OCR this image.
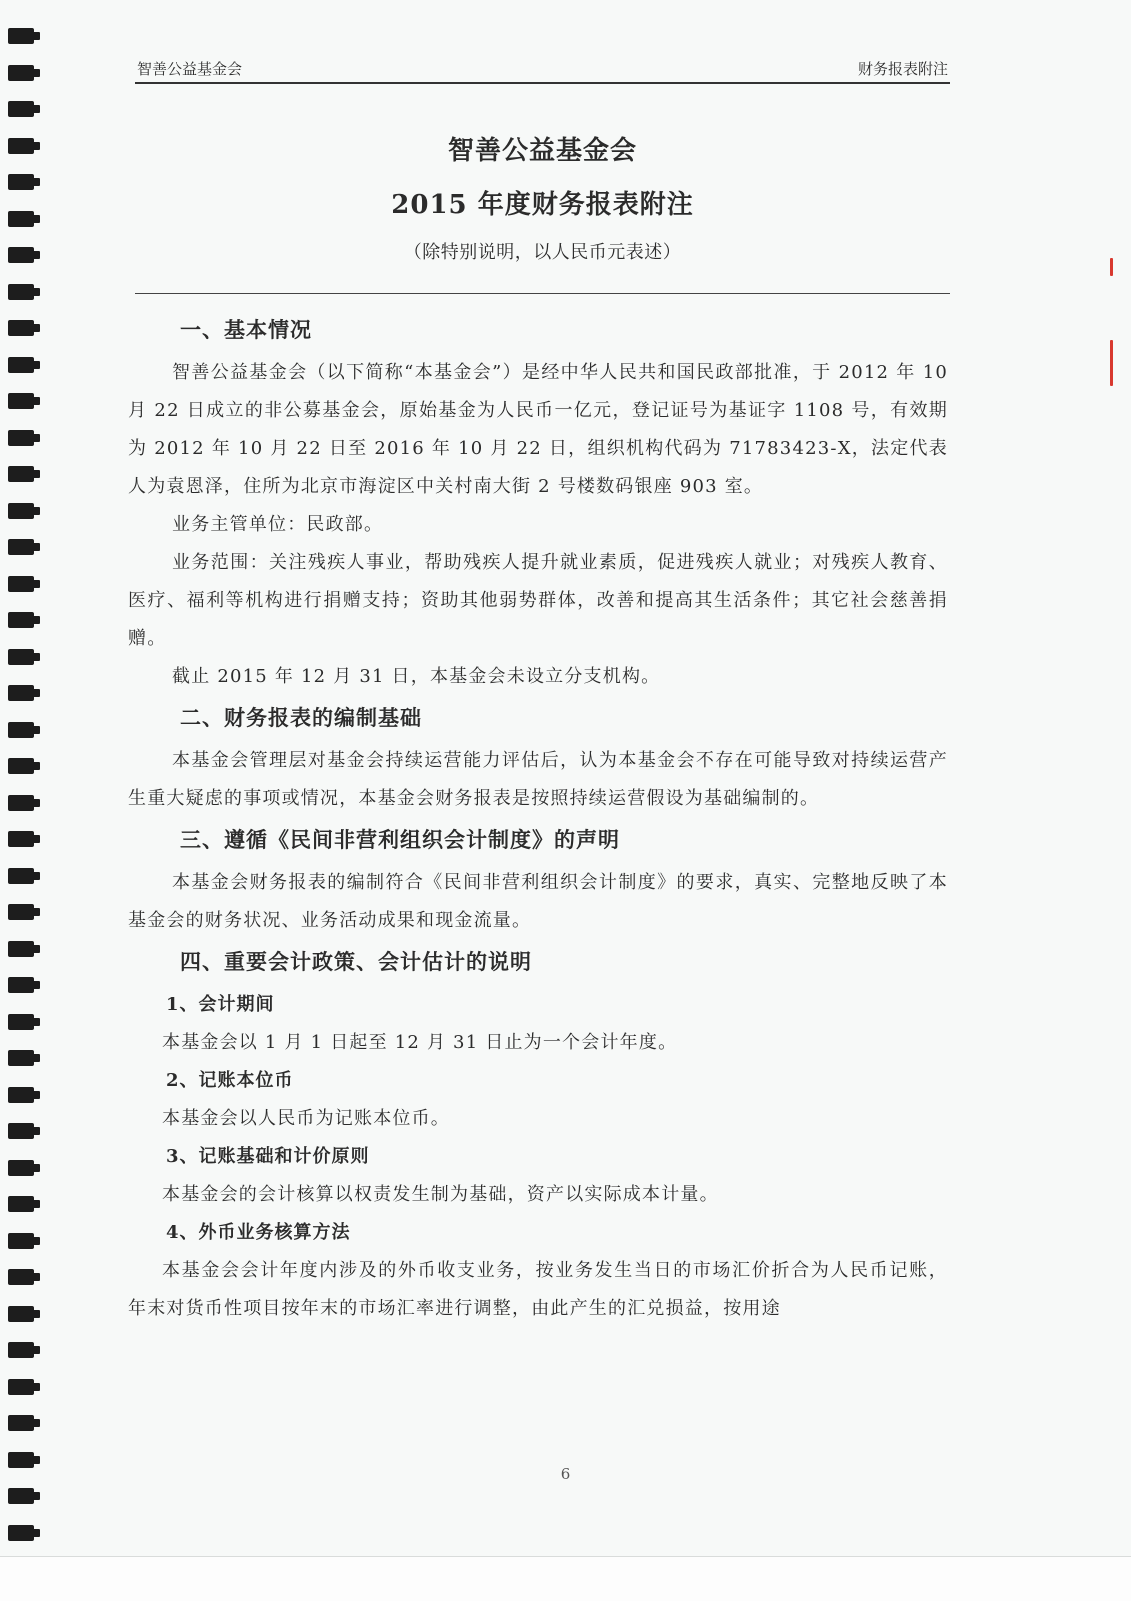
智善公益基金会	财务报表附注
智善公益基金会
2015 年度财务报表附注
（除特别说明，以人民币元表述）
一、基本情况

智善公益基金会（以下简称“本基金会”）是经中华人民共和国民政部批准，于 2012 年 10 月 22 日成立的非公募基金会，原始基金为人民币一亿元，登记证号为基证字 1108 号，有效期为 2012 年 10 月 22 日至 2016 年 10 月 22 日，组织机构代码为 71783423-X，法定代表人为袁恩泽，住所为北京市海淀区中关村南大街 2 号楼数码银座 903 室。

业务主管单位：民政部。

业务范围：关注残疾人事业，帮助残疾人提升就业素质，促进残疾人就业；对残疾人教育、医疗、福利等机构进行捐赠支持；资助其他弱势群体，改善和提高其生活条件；其它社会慈善捐赠。

截止 2015 年 12 月 31 日，本基金会未设立分支机构。

二、财务报表的编制基础

本基金会管理层对基金会持续运营能力评估后，认为本基金会不存在可能导致对持续运营产生重大疑虑的事项或情况，本基金会财务报表是按照持续运营假设为基础编制的。

三、遵循《民间非营利组织会计制度》的声明

本基金会财务报表的编制符合《民间非营利组织会计制度》的要求，真实、完整地反映了本基金会的财务状况、业务活动成果和现金流量。

四、重要会计政策、会计估计的说明
1、会计期间

本基金会以 1 月 1 日起至 12 月 31 日止为一个会计年度。

2、记账本位币

本基金会以人民币为记账本位币。

3、记账基础和计价原则

本基金会的会计核算以权责发生制为基础，资产以实际成本计量。

4、外币业务核算方法

本基金会会计年度内涉及的外币收支业务，按业务发生当日的市场汇价折合为人民币记账，年末对货币性项目按年末的市场汇率进行调整，由此产生的汇兑损益，按用途

6
